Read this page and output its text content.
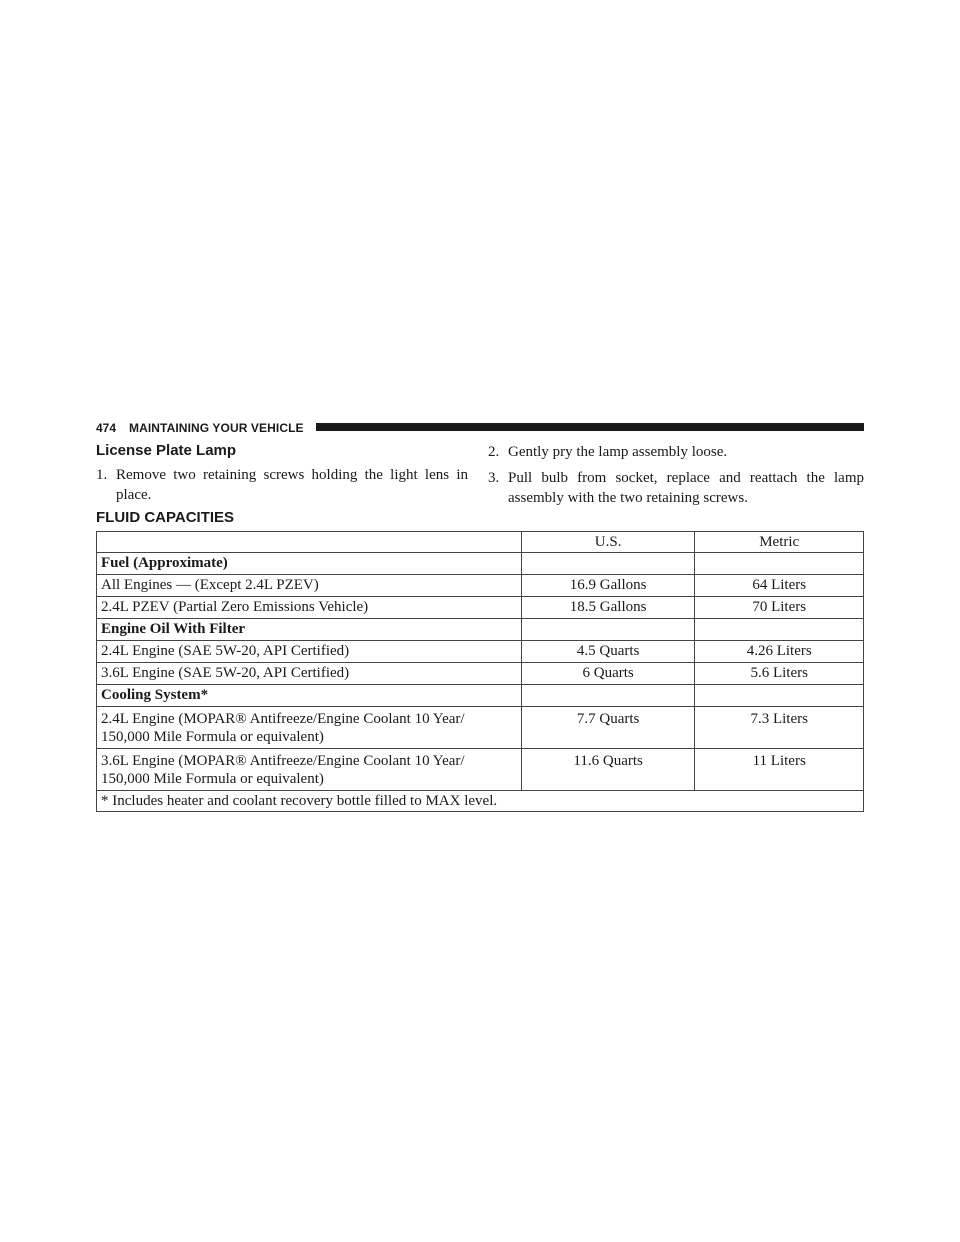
474 MAINTAINING YOUR VEHICLE
License Plate Lamp

1. Remove two retaining screws holding the light lens in place.

2. Gently pry the lamp assembly loose.

3. Pull bulb from socket, replace and reattach the lamp assembly with the two retaining screws.

FLUID CAPACITIES
	U.S.	Metric
Fuel (Approximate)		
All Engines — (Except 2.4L PZEV)	16.9 Gallons	64 Liters
2.4L PZEV (Partial Zero Emissions Vehicle)	18.5 Gallons	70 Liters
Engine Oil With Filter		
2.4L Engine (SAE 5W-20, API Certified)	4.5 Quarts	4.26 Liters
3.6L Engine (SAE 5W-20, API Certified)	6 Quarts	5.6 Liters
Cooling System*		
2.4L Engine (MOPAR® Antifreeze/Engine Coolant 10 Year/ 150,000 Mile Formula or equivalent)	7.7 Quarts	7.3 Liters
3.6L Engine (MOPAR® Antifreeze/Engine Coolant 10 Year/ 150,000 Mile Formula or equivalent)	11.6 Quarts	11 Liters
* Includes heater and coolant recovery bottle filled to MAX level.		
